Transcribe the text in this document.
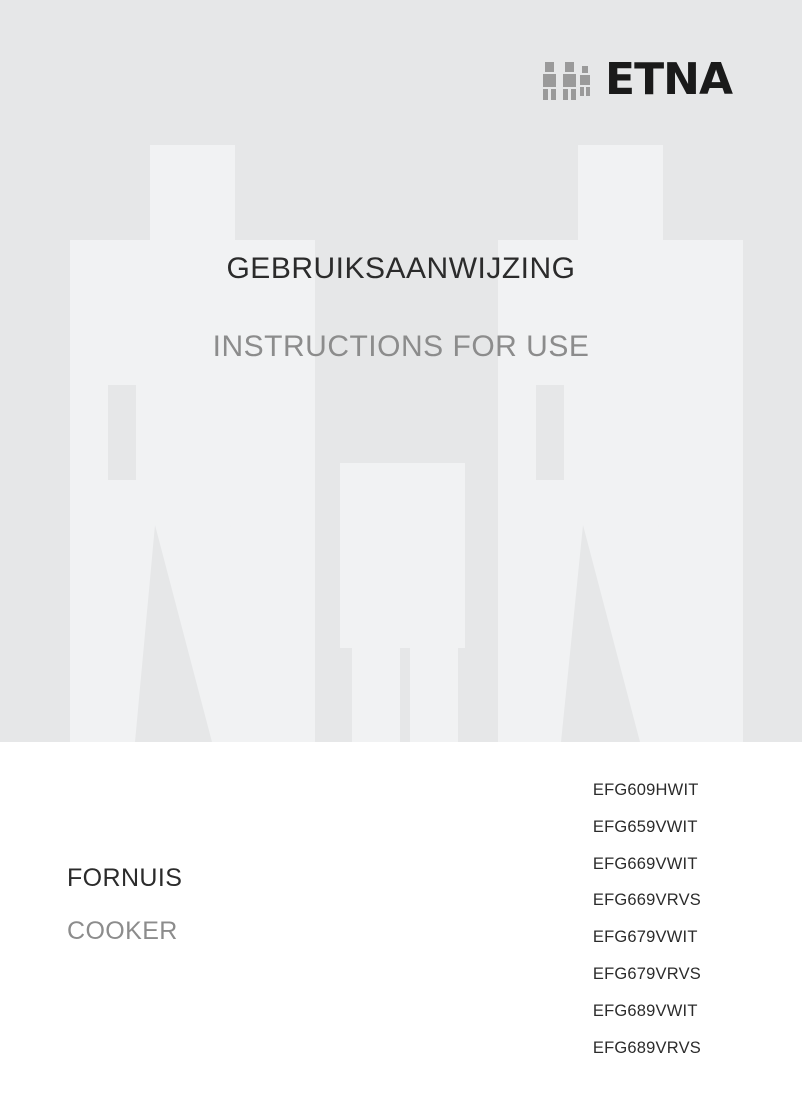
ETNA
GEBRUIKSAANWIJZING
INSTRUCTIONS FOR USE

FORNUIS

COOKER

EFG609HWIT
EFG659VWIT
EFG669VWIT
EFG669VRVS
EFG679VWIT
EFG679VRVS
EFG689VWIT
EFG689VRVS
